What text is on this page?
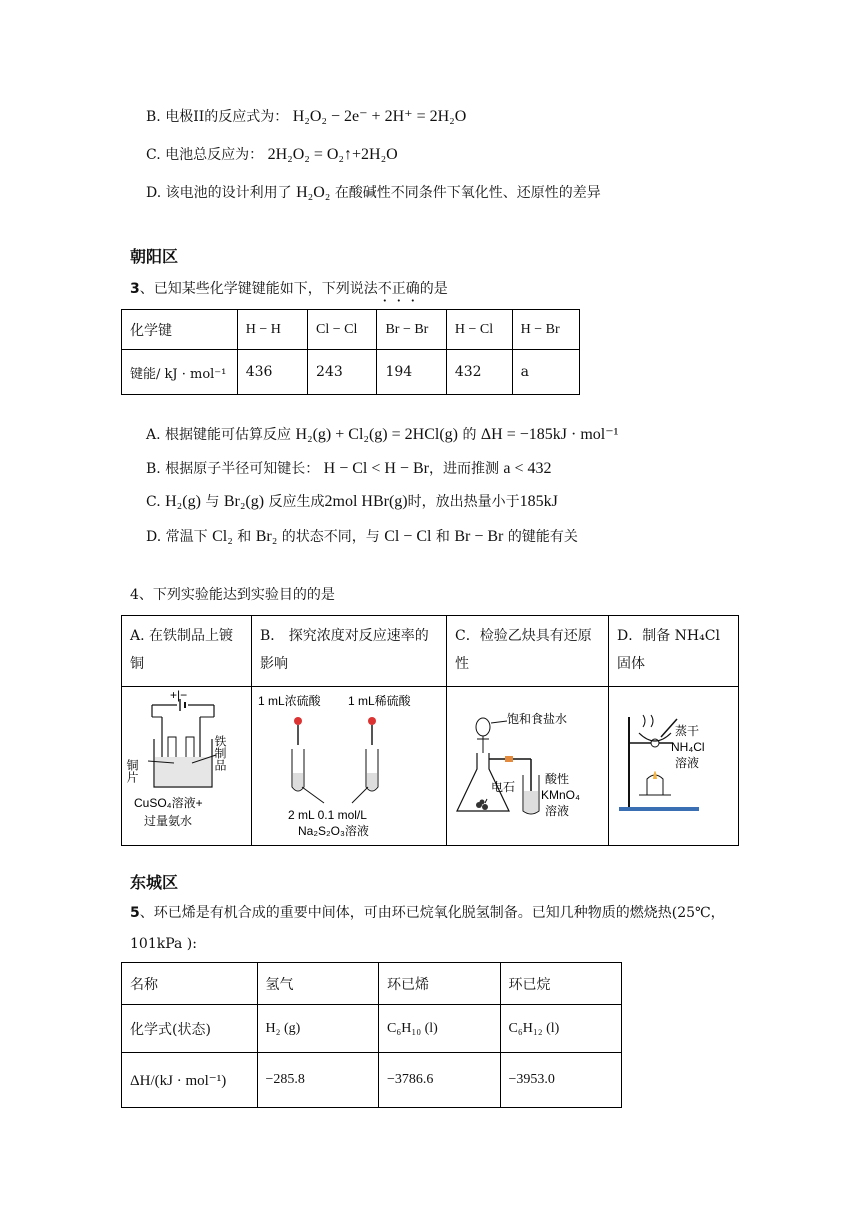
B. 电极II的反应式为： H₂O₂ − 2e⁻ + 2H⁺ = 2H₂O
C. 电池总反应为： 2H₂O₂ = O₂↑+2H₂O
D. 该电池的设计利用了 H₂O₂ 在酸碱性不同条件下氧化性、还原性的差异
朝阳区
3、已知某些化学键键能如下，下列说法不正确的是
化学键	H − H	Cl − Cl	Br − Br	H − Cl	H − Br
键能/ kJ · mol⁻¹	436	243	194	432	a
A. 根据键能可估算反应 H₂(g) + Cl₂(g) = 2HCl(g) 的 ΔH = −185kJ · mol⁻¹
B. 根据原子半径可知键长： H − Cl < H − Br，进而推测 a < 432
C. H₂(g) 与 Br₂(g) 反应生成2mol HBr(g)时，放出热量小于185kJ
D. 常温下 Cl₂ 和 Br₂ 的状态不同，与 Cl − Cl 和 Br − Br 的键能有关
4、下列实验能达到实验目的的是
A. 在铁制品上镀铜	B． 探究浓度对反应速率的影响	C．检验乙炔具有还原性	D．制备 NH₄Cl 固体

+|−
铜片 铁制品
CuSO₄溶液+
过量氨水	1 mL浓硫酸 1 mL稀硫酸
2 mL 0.1 mol/L
Na₂S₂O₃溶液	饱和食盐水
电石
酸性
KMnO₄
溶液	蒸干
NH₄Cl
溶液
东城区
5、环已烯是有机合成的重要中间体，可由环已烷氧化脱氢制备。已知几种物质的燃烧热(25℃，
101kPa ):
名称	氢气	环已烯	环已烷
化学式(状态)	H₂ (g)	C₆H₁₀ (l)	C₆H₁₂ (l)
ΔH/(kJ · mol⁻¹)	−285.8	−3786.6	−3953.0
